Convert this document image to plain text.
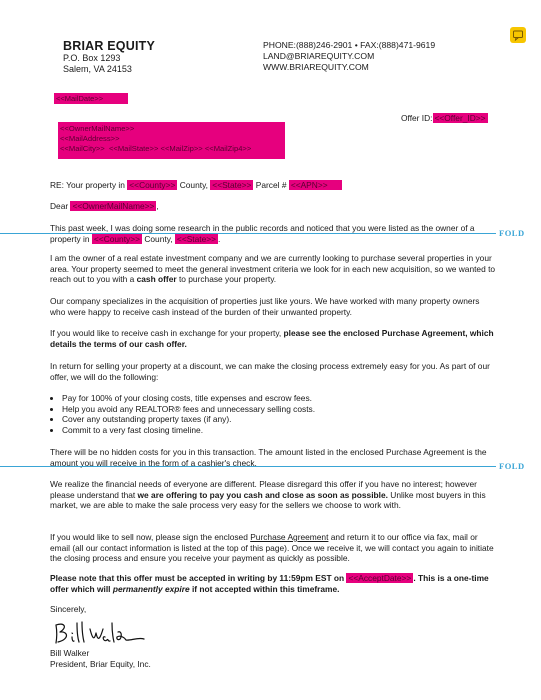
BRIAR EQUITY
P.O. Box 1293
Salem, VA 24153
PHONE:(888)246-2901 • FAX:(888)471-9619
LAND@BRIAREQUITY.COM
WWW.BRIAREQUITY.COM
<<MailDate>>
Offer ID: <<Offer_ID>>
<<OwnerMailName>>
<<MailAddress>>
<<MailCity>> <<MailState>> <<MailZip>> <<MailZip4>>
RE: Your property in <<County>> County, <<State>> Parcel # <<APN>>
Dear <<OwnerMailName>> ,
FOLD

This past week, I was doing some research in the public records and noticed that you were listed as the owner of a property in <<County>> County, <<State>> .

I am the owner of a real estate investment company and we are currently looking to purchase several properties in your area. Your property seemed to meet the general investment criteria we look for in each new acquisition, so we wanted to reach out to you with a cash offer to purchase your property.

Our company specializes in the acquisition of properties just like yours. We have worked with many property owners who were happy to receive cash instead of the burden of their unwanted property.

If you would like to receive cash in exchange for your property, please see the enclosed Purchase Agreement, which details the terms of our cash offer.

In return for selling your property at a discount, we can make the closing process extremely easy for you. As part of our offer, we will do the following:

• Pay for 100% of your closing costs, title expenses and escrow fees.
• Help you avoid any REALTOR® fees and unnecessary selling costs.
• Cover any outstanding property taxes (if any).
• Commit to a very fast closing timeline.

There will be no hidden costs for you in this transaction. The amount listed in the enclosed Purchase Agreement is the amount you will receive in the form of a cashier's check.	FOLD

We realize the financial needs of everyone are different. Please disregard this offer if you have no interest; however please understand that we are offering to pay you cash and close as soon as possible. Unlike most buyers in this market, we are able to make the sale process very easy for the sellers we choose to work with.

If you would like to sell now, please sign the enclosed Purchase Agreement and return it to our office via fax, mail or email (all our contact information is listed at the top of this page). Once we receive it, we will contact you again to initiate the closing process and ensure you receive your payment as quickly as possible.

Please note that this offer must be accepted in writing by 11:59pm EST on <<AcceptDate>> . This is a one-time offer which will permanently expire if not accepted within this timeframe.

Sincerely,
Bill Walker
President, Briar Equity, Inc.
